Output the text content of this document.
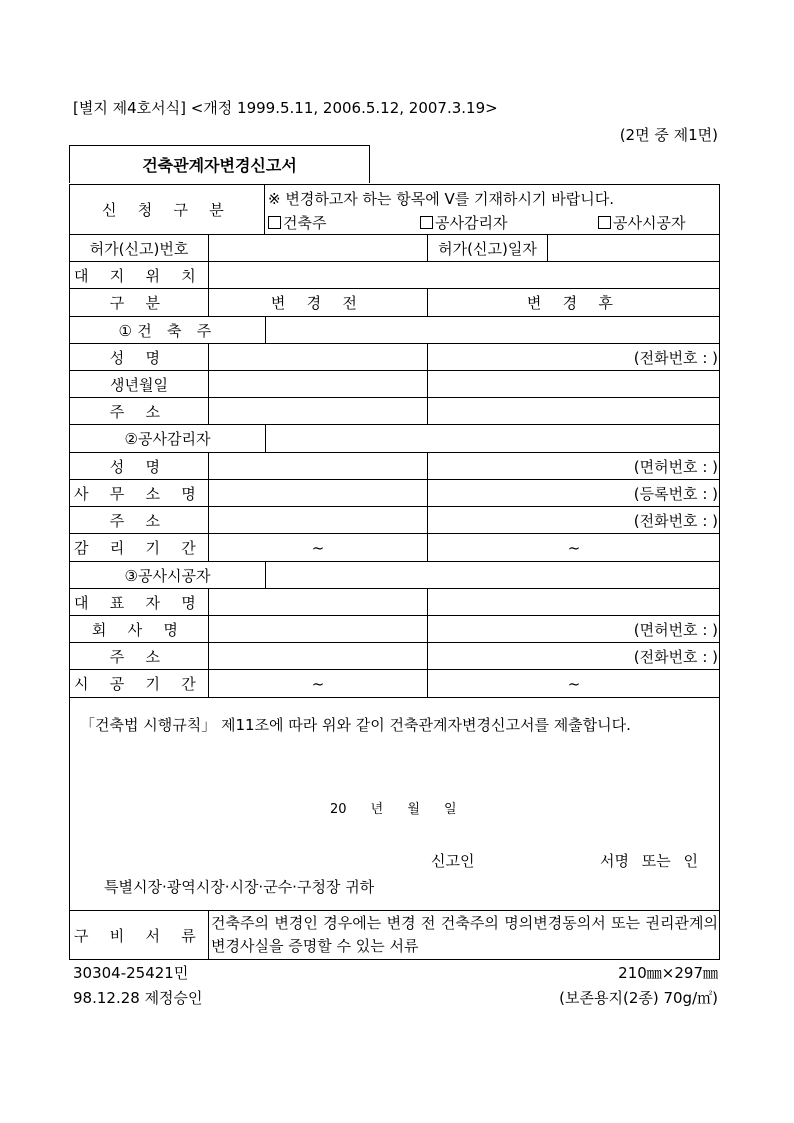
[별지 제4호서식] <개정 1999.5.11, 2006.5.12, 2007.3.19>
(2면 중 제1면)
건축관계자변경신고서
신 청 구 분
※ 변경하고자 하는 항목에 V를 기재하시기 바랍니다.
건축주	공사감리자	공사시공자
허가(신고)번호	허가(신고)일자
대 지 위 치
구 분	변 경 전	변 경 후
①건 축 주
성 명	(전화번호 : )
생년월일
주 소
②공사감리자
성 명	(면허번호 : )
사 무 소 명	(등록번호 : )
주 소	(전화번호 : )
감 리 기 간	~	~
③공사시공자
대 표 자 명
회 사 명	(면허번호 : )
주 소	(전화번호 : )
시 공 기 간	~	~
「건축법 시행규칙」 제11조에 따라 위와 같이 건축관계자변경신고서를 제출합니다.
20 년 월 일
구 비 서 류
건축주의 변경인 경우에는 변경 전 건축주의 명의변경동의서 또는 권리관계의 변경사실을 증명할 수 있는 서류
신고인	서명 또는 인
특별시장·광역시장·시장·군수·구청장 귀하
30304-25421민	210㎜×297㎜
98.12.28 제정승인	(보존용지(2종) 70g/㎡)
